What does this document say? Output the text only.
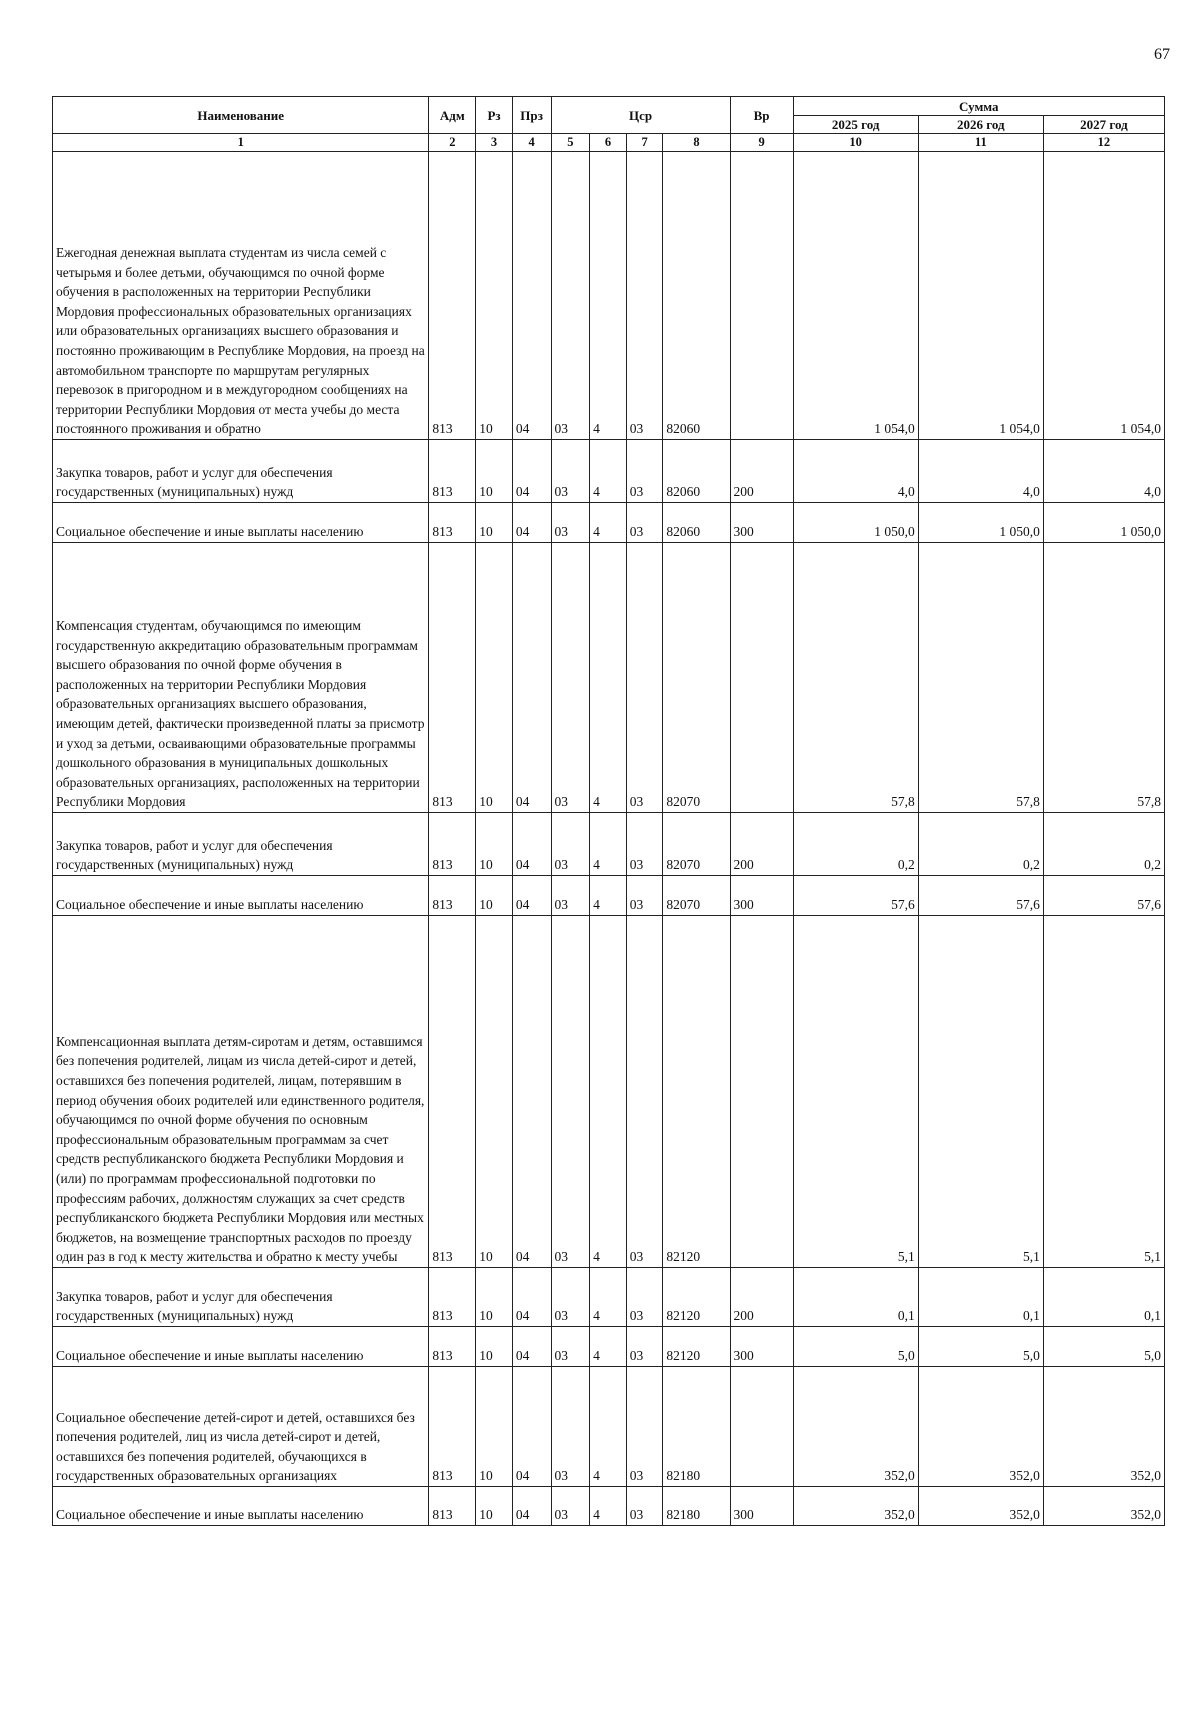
67
Наименование	Адм	Рз	Прз	Цср				Вр	Сумма		
									2025 год	2026 год	2027 год
1	2	3	4	5	6	7	8	9	10	11	12
Ежегодная денежная выплата студентам из числа семей с четырьмя и более детьми, обучающимся по очной форме обучения в расположенных на территории Республики Мордовия профессиональных образовательных организациях или образовательных организациях высшего образования и постоянно проживающим в Республике Мордовия, на проезд на автомобильном транспорте по маршрутам регулярных перевозок в пригородном и в междугородном сообщениях на территории Республики Мордовия от места учебы до места постоянного проживания и обратно	813	10	04	03	4	03	82060		1 054,0	1 054,0	1 054,0
Закупка товаров, работ и услуг для обеспечения государственных (муниципальных) нужд	813	10	04	03	4	03	82060	200	4,0	4,0	4,0
Социальное обеспечение и иные выплаты населению	813	10	04	03	4	03	82060	300	1 050,0	1 050,0	1 050,0
Компенсация студентам, обучающимся по имеющим государственную аккредитацию образовательным программам высшего образования по очной форме обучения в расположенных на территории Республики Мордовия образовательных организациях высшего образования, имеющим детей, фактически произведенной платы за присмотр и уход за детьми, осваивающими образовательные программы дошкольного образования в муниципальных дошкольных образовательных организациях, расположенных на территории Республики Мордовия	813	10	04	03	4	03	82070		57,8	57,8	57,8
Закупка товаров, работ и услуг для обеспечения государственных (муниципальных) нужд	813	10	04	03	4	03	82070	200	0,2	0,2	0,2
Социальное обеспечение и иные выплаты населению	813	10	04	03	4	03	82070	300	57,6	57,6	57,6
Компенсационная выплата детям-сиротам и детям, оставшимся без попечения родителей, лицам из числа детей-сирот и детей, оставшихся без попечения родителей, лицам, потерявшим в период обучения обоих родителей или единственного родителя, обучающимся по очной форме обучения по основным профессиональным образовательным программам за счет средств республиканского бюджета Республики Мордовия и (или) по программам профессиональной подготовки по профессиям рабочих, должностям служащих за счет средств республиканского бюджета Республики Мордовия или местных бюджетов, на возмещение транспортных расходов по проезду один раз в год к месту жительства и обратно к месту учебы	813	10	04	03	4	03	82120		5,1	5,1	5,1
Закупка товаров, работ и услуг для обеспечения государственных (муниципальных) нужд	813	10	04	03	4	03	82120	200	0,1	0,1	0,1
Социальное обеспечение и иные выплаты населению	813	10	04	03	4	03	82120	300	5,0	5,0	5,0
Социальное обеспечение детей-сирот и детей, оставшихся без попечения родителей, лиц из числа детей-сирот и детей, оставшихся без попечения родителей, обучающихся в государственных образовательных организациях	813	10	04	03	4	03	82180		352,0	352,0	352,0
Социальное обеспечение и иные выплаты населению	813	10	04	03	4	03	82180	300	352,0	352,0	352,0
